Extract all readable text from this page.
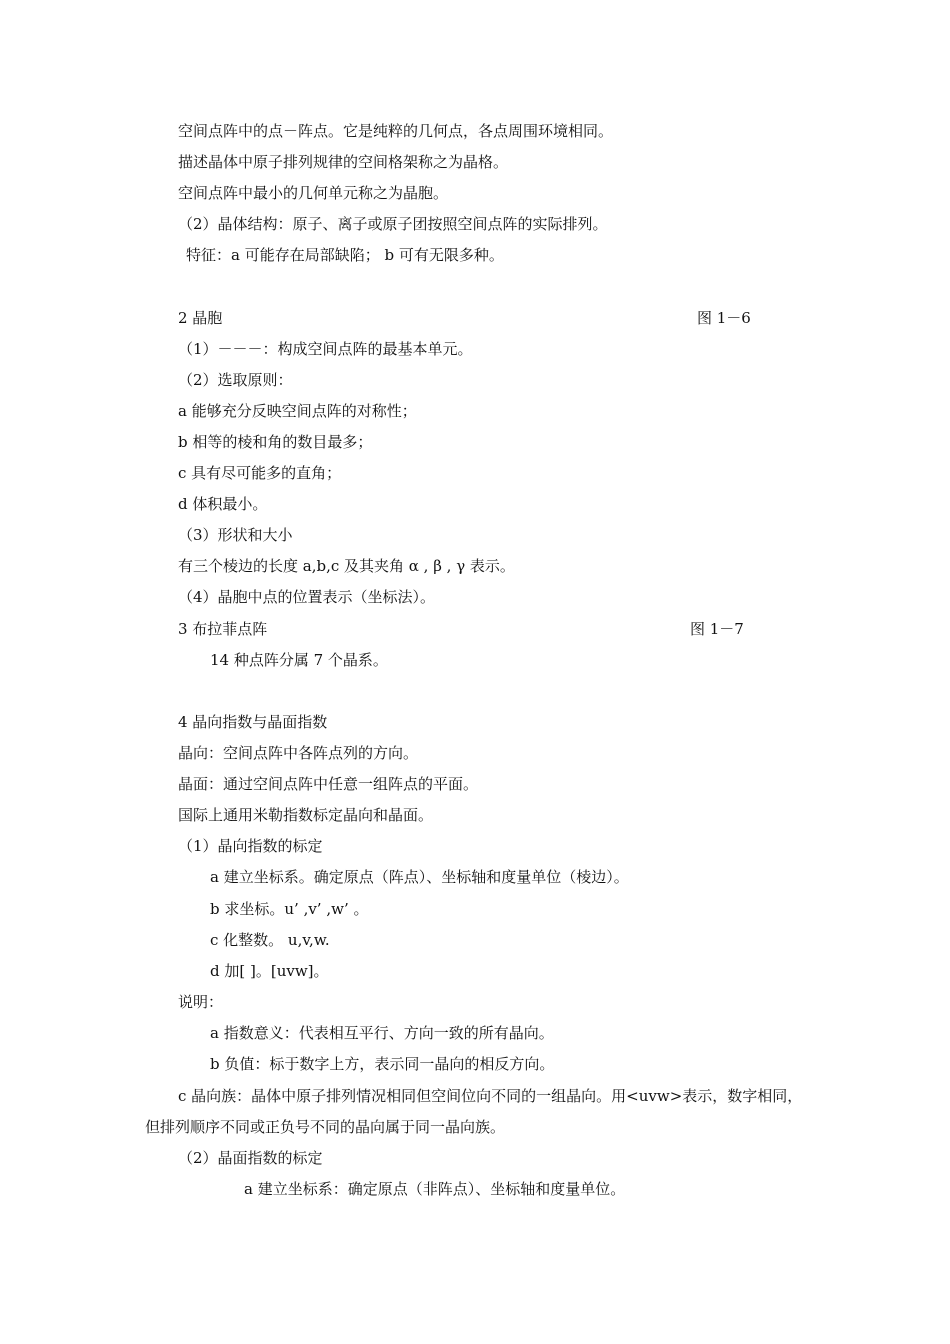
空间点阵中的点－阵点。它是纯粹的几何点，各点周围环境相同。
描述晶体中原子排列规律的空间格架称之为晶格。
空间点阵中最小的几何单元称之为晶胞。
（2）晶体结构：原子、离子或原子团按照空间点阵的实际排列。
特征：a 可能存在局部缺陷； b 可有无限多种。
2 晶胞	图 1－6
（1）－－－：构成空间点阵的最基本单元。
（2）选取原则：
a 能够充分反映空间点阵的对称性；
b 相等的棱和角的数目最多；
c 具有尽可能多的直角；
d 体积最小。
（3）形状和大小
有三个棱边的长度 a,b,c 及其夹角 α , β , γ 表示。
（4）晶胞中点的位置表示（坐标法）。
3 布拉菲点阵	图 1－7
14 种点阵分属 7 个晶系。
4 晶向指数与晶面指数
晶向：空间点阵中各阵点列的方向。
晶面：通过空间点阵中任意一组阵点的平面。
国际上通用米勒指数标定晶向和晶面。
（1）晶向指数的标定
a 建立坐标系。确定原点（阵点）、坐标轴和度量单位（棱边）。
b 求坐标。u’ ,v’ ,w’ 。
c 化整数。 u,v,w.
d 加[ ]。[uvw]。
说明：
a 指数意义：代表相互平行、方向一致的所有晶向。
b 负值：标于数字上方，表示同一晶向的相反方向。
c 晶向族：晶体中原子排列情况相同但空间位向不同的一组晶向。用<uvw>表示，数字相同，但排列顺序不同或正负号不同的晶向属于同一晶向族。
（2）晶面指数的标定
a 建立坐标系：确定原点（非阵点）、坐标轴和度量单位。
